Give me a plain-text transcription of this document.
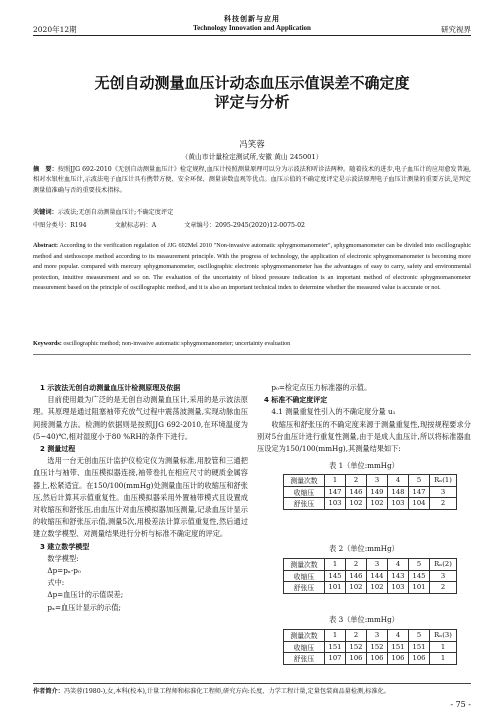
科技创新与应用
2020年12期	Technology Innovation and Application	研究视界
无创自动测量血压计动态血压示值误差不确定度
评定与分析
冯笑蓉
（黄山市计量检定测试所,安徽 黄山 245001）
摘　要：按照JJG 692-2010《无创自动测量血压计》检定规程,血压计按照测量原理可以分为示波法和听诊法两种。随着技术的进步,电子血压计的应用愈发普遍,相对水银柱血压计,示波法电子血压计具有携带方便、安全环保、测量读数直观等优点。血压示值的不确定度评定是示波法原理电子血压计测量的重要方法,是判定测量值准确与否的重要技术指标。
关键词：示波法;无创自动测量血压计;不确定度评定
中图分类号：R194	文献标志码：A	文章编号：2095-2945(2020)12-0075-02
Abstract: According to the verification regulation of JJG 692Mel 2010 "Non-invasive automatic sphygmomanometer", sphygmomanometer can be divided into oscillographic method and stethoscope method according to its measurement principle. With the progress of technology, the application of electronic sphygmomanometer is becoming more and more popular. compared with mercury sphygmomanometer, oscillographic electronic sphygmomanometer has the advantages of easy to carry, safety and environmental protection, intuitive measurement and so on. The evaluation of the uncertainty of blood pressure indication is an important method of electronic sphygmomanometer measurement based on the principle of oscillographic method, and it is also an important technical index to determine whether the measured value is accurate or not.
Keywords: oscillographic method; non-invasive automatic sphygmomanometer; uncertainty evaluation

1 示波法无创自动测量血压计检测原理及依据

目前使用最为广泛的是无创自动测量血压计,采用的是示波法原理。其原理是通过阻塞袖带充放气过程中震荡波测量,实现动脉血压间接测量方法。检测的依据则是按照JJG 692-2010,在环境温度为(5~40)℃,相对湿度小于80 %RH的条件下进行。

2 测量过程

选用一台无创血压计监护仪检定仪为测量标准,用胶管和三通把血压计与袖带、血压模拟器连接,袖带卷扎在相应尺寸的硬质金属容器上,松紧适宜。在150/100(mmHg)处测量血压计的收缩压和舒张压,然后计算其示值重复性。血压模拟器采用外置袖带模式且设置成对收缩压和舒张压,由血压计对血压模拟器加压测量,记录血压计显示的收缩压和舒张压示值,测量5次,用极差法计算示值重复性,然后通过建立数学模型、对测量结果进行分析与标准不确定度的评定。

3 建立数学模型

数学模型:

Δp=pₓ-p₀

式中:

Δp=血压计的示值误差;

pₓ=血压计显示的示值;

p₀=检定点压力标准器的示值。

4 标准不确定度评定

4.1 测量重复性引入的不确定度分量 u₁

收缩压和舒张压的不确定度来源于测量重复性,现按规程要求分别对5台血压计进行重复性测量,由于是成人血压计,所以将标准器血压设定为150/100(mmHg),其测量结果如下:

表 1（单位:mmHg）
测量次数	1	2	3	4	5	Rₙ(1)
收缩压	147	146	149	148	147	3
舒张压	103	102	102	103	104	2
表 2（单位:mmHg）
测量次数	1	2	3	4	5	Rₙ(2)
收缩压	145	146	144	143	145	3
舒张压	101	102	102	103	101	2
表 3（单位:mmHg）
测量次数	1	2	3	4	5	Rₙ(3)
收缩压	151	152	152	151	151	1
舒张压	107	106	106	106	106	1
作者简介：冯笑蓉(1980-),女,本科(校本),计量工程师和标准化工程师,研究方向:长度、力学工程计量,定量包装商品量检测,标准化。
- 75 -
